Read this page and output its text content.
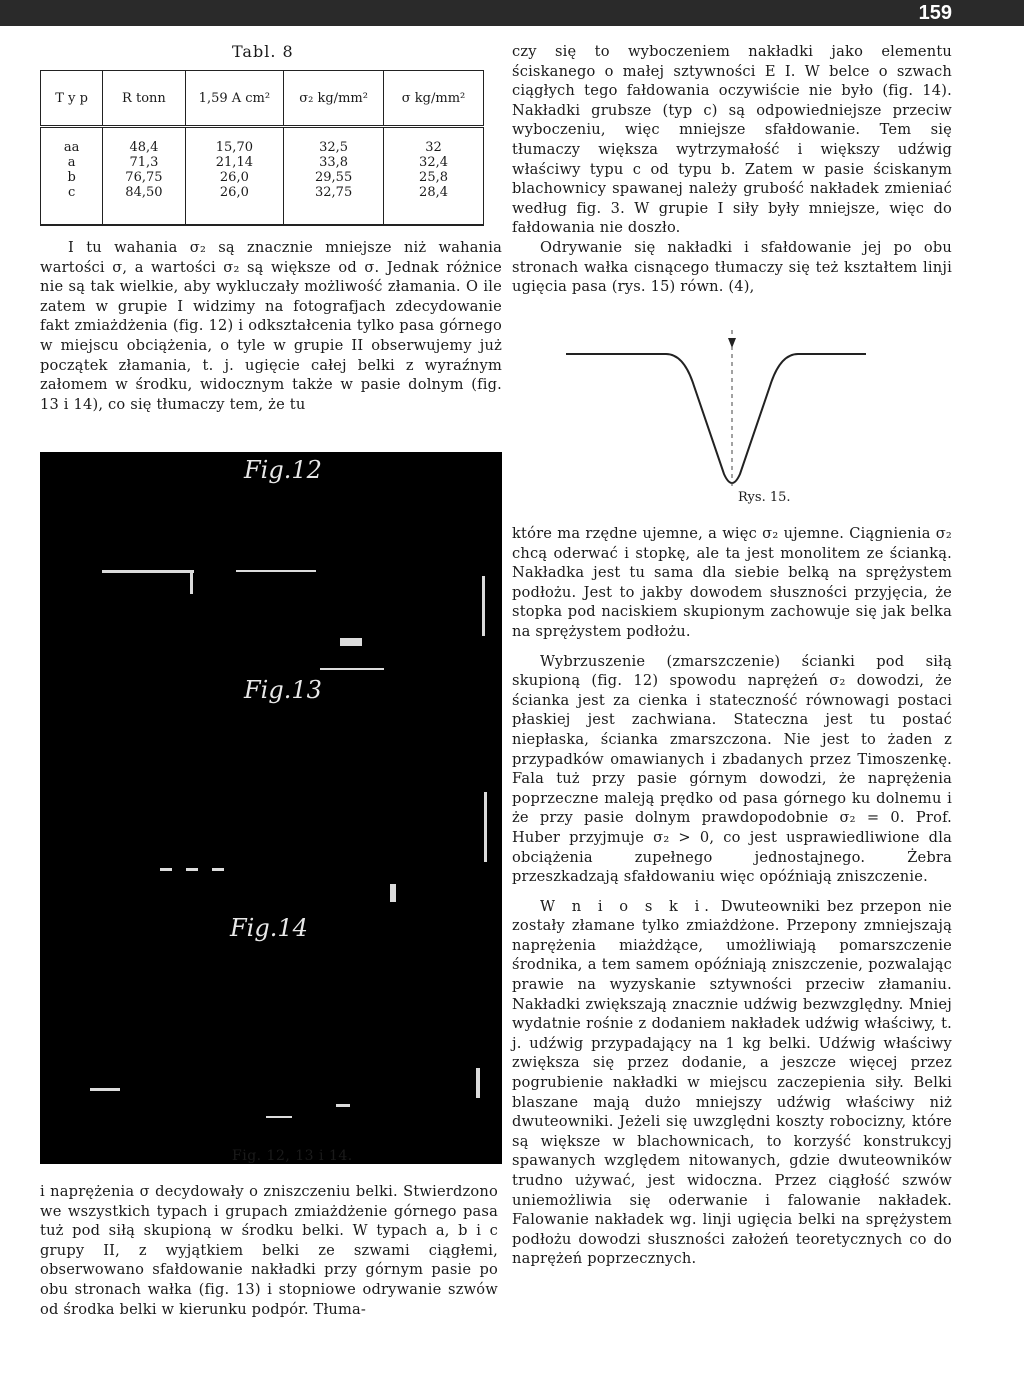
159
Tabl. 8
T y p	R tonn	1,59 A cm²	σ₂ kg/mm²	σ kg/mm²
aa	48,4	15,70	32,5	32
a	71,3	21,14	33,8	32,4
b	76,75	26,0	29,55	25,8
c	84,50	26,0	32,75	28,4

I tu wahania σ₂ są znacznie mniejsze niż wahania wartości σ, a wartości σ₂ są większe od σ. Jednak różnice nie są tak wielkie, aby wykluczały możliwość złamania. O ile zatem w grupie I widzimy na fotografjach zdecydowanie fakt zmiażdżenia (fig. 12) i odkształcenia tylko pasa górnego w miejscu obciążenia, o tyle w grupie II obserwujemy już początek złamania, t. j. ugięcie całej belki z wyraźnym załomem w środku, widocznym także w pasie dolnym (fig. 13 i 14), co się tłumaczy tem, że tu

Fig.12
Fig.13
Fig.14
Fig. 12, 13 i 14.

i naprężenia σ decydowały o zniszczeniu belki. Stwierdzono we wszystkich typach i grupach zmiażdżenie górnego pasa tuż pod siłą skupioną w środku belki. W typach a, b i c grupy II, z wyjątkiem belki ze szwami ciągłemi, obserwowano sfałdowanie nakładki przy górnym pasie po obu stronach wałka (fig. 13) i stopniowe odrywanie szwów od środka belki w kierunku podpór. Tłuma-

czy się to wyboczeniem nakładki jako elementu ściskanego o małej sztywności E I. W belce o szwach ciągłych tego fałdowania oczywiście nie było (fig. 14). Nakładki grubsze (typ c) są odpowiedniejsze przeciw wyboczeniu, więc mniejsze sfałdowanie. Tem się tłumaczy większa wytrzymałość i większy udźwig właściwy typu c od typu b. Zatem w pasie ściskanym blachownicy spawanej należy grubość nakładek zmieniać według fig. 3. W grupie I siły były mniejsze, więc do fałdowania nie doszło.

Odrywanie się nakładki i sfałdowanie jej po obu stronach wałka cisnącego tłumaczy się też kształtem linji ugięcia pasa (rys. 15) równ. (4),

Rys. 15.

które ma rzędne ujemne, a więc σ₂ ujemne. Ciągnienia σ₂ chcą oderwać i stopkę, ale ta jest monolitem ze ścianką. Nakładka jest tu sama dla siebie belką na sprężystem podłożu. Jest to jakby dowodem słuszności przyjęcia, że stopka pod naciskiem skupionym zachowuje się jak belka na sprężystem podłożu.

Wybrzuszenie (zmarszczenie) ścianki pod siłą skupioną (fig. 12) spowodu naprężeń σ₂ dowodzi, że ścianka jest za cienka i stateczność równowagi postaci płaskiej jest zachwiana. Stateczna jest tu postać niepłaska, ścianka zmarszczona. Nie jest to żaden z przypadków omawianych i zbadanych przez Timoszenkę. Fala tuż przy pasie górnym dowodzi, że naprężenia poprzeczne maleją prędko od pasa górnego ku dolnemu i że przy pasie dolnym prawdopodobnie σ₂ = 0. Prof. Huber przyjmuje σ₂ > 0, co jest usprawiedliwione dla obciążenia zupełnego jednostajnego. Żebra przeszkadzają sfałdowaniu więc opóźniają zniszczenie.

W n i o s k i. Dwuteowniki bez przepon nie zostały złamane tylko zmiażdżone. Przepony zmniejszają naprężenia miażdżące, umożliwiają pomarszczenie środnika, a tem samem opóźniają zniszczenie, pozwalając prawie na wyzyskanie sztywności przeciw złamaniu. Nakładki zwiększają znacznie udźwig bezwzględny. Mniej wydatnie rośnie z dodaniem nakładek udźwig właściwy, t. j. udźwig przypadający na 1 kg belki. Udźwig właściwy zwiększa się przez dodanie, a jeszcze więcej przez pogrubienie nakładki w miejscu zaczepienia siły. Belki blaszane mają dużo mniejszy udźwig właściwy niż dwuteowniki. Jeżeli się uwzględni koszty robocizny, które są większe w blachownicach, to korzyść konstrukcyj spawanych względem nitowanych, gdzie dwuteowników trudno używać, jest widoczna. Przez ciągłość szwów uniemożliwia się oderwanie i falowanie nakładek. Falowanie nakładek wg. linji ugięcia belki na sprężystem podłożu dowodzi słuszności założeń teoretycznych co do naprężeń poprzecznych.
